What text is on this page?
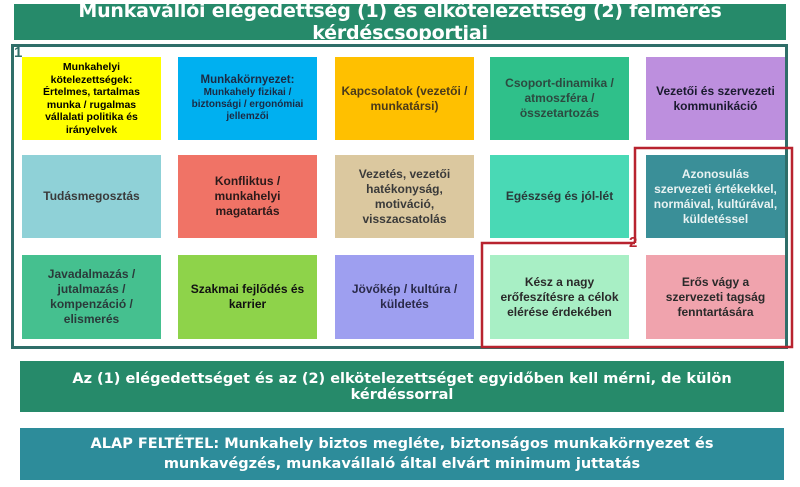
Munkavállói elégedettség (1) és elkötelezettség (2) felmérés kérdéscsoportjai
1
2
Munkahelyi kötelezettségek: Értelmes, tartalmas munka / rugalmas vállalati politika és irányelvek
Munkakörnyezet:
Munkahely fizikai / biztonsági / ergonómiai jellemzői
Kapcsolatok (vezetői / munkatársi)
Csoport-dinamika / atmoszféra / összetartozás
Vezetői és szervezeti kommunikáció
Tudásmegosztás
Konfliktus / munkahelyi magatartás
Vezetés, vezetői hatékonyság, motiváció, visszacsatolás
Egészség és jól-lét
Azonosulás szervezeti értékekkel, normáival, kultúrával, küldetéssel
Javadalmazás / jutalmazás / kompenzáció / elismerés
Szakmai fejlődés és karrier
Jövőkép / kultúra / küldetés
Kész a nagy erőfeszítésre a célok elérése érdekében
Erős vágy a szervezeti tagság fenntartására
Az (1) elégedettséget és az (2) elkötelezettséget egyidőben kell mérni, de külön kérdéssorral
ALAP FELTÉTEL: Munkahely biztos megléte, biztonságos munkakörnyezet és munkavégzés, munkavállaló által elvárt minimum juttatás
